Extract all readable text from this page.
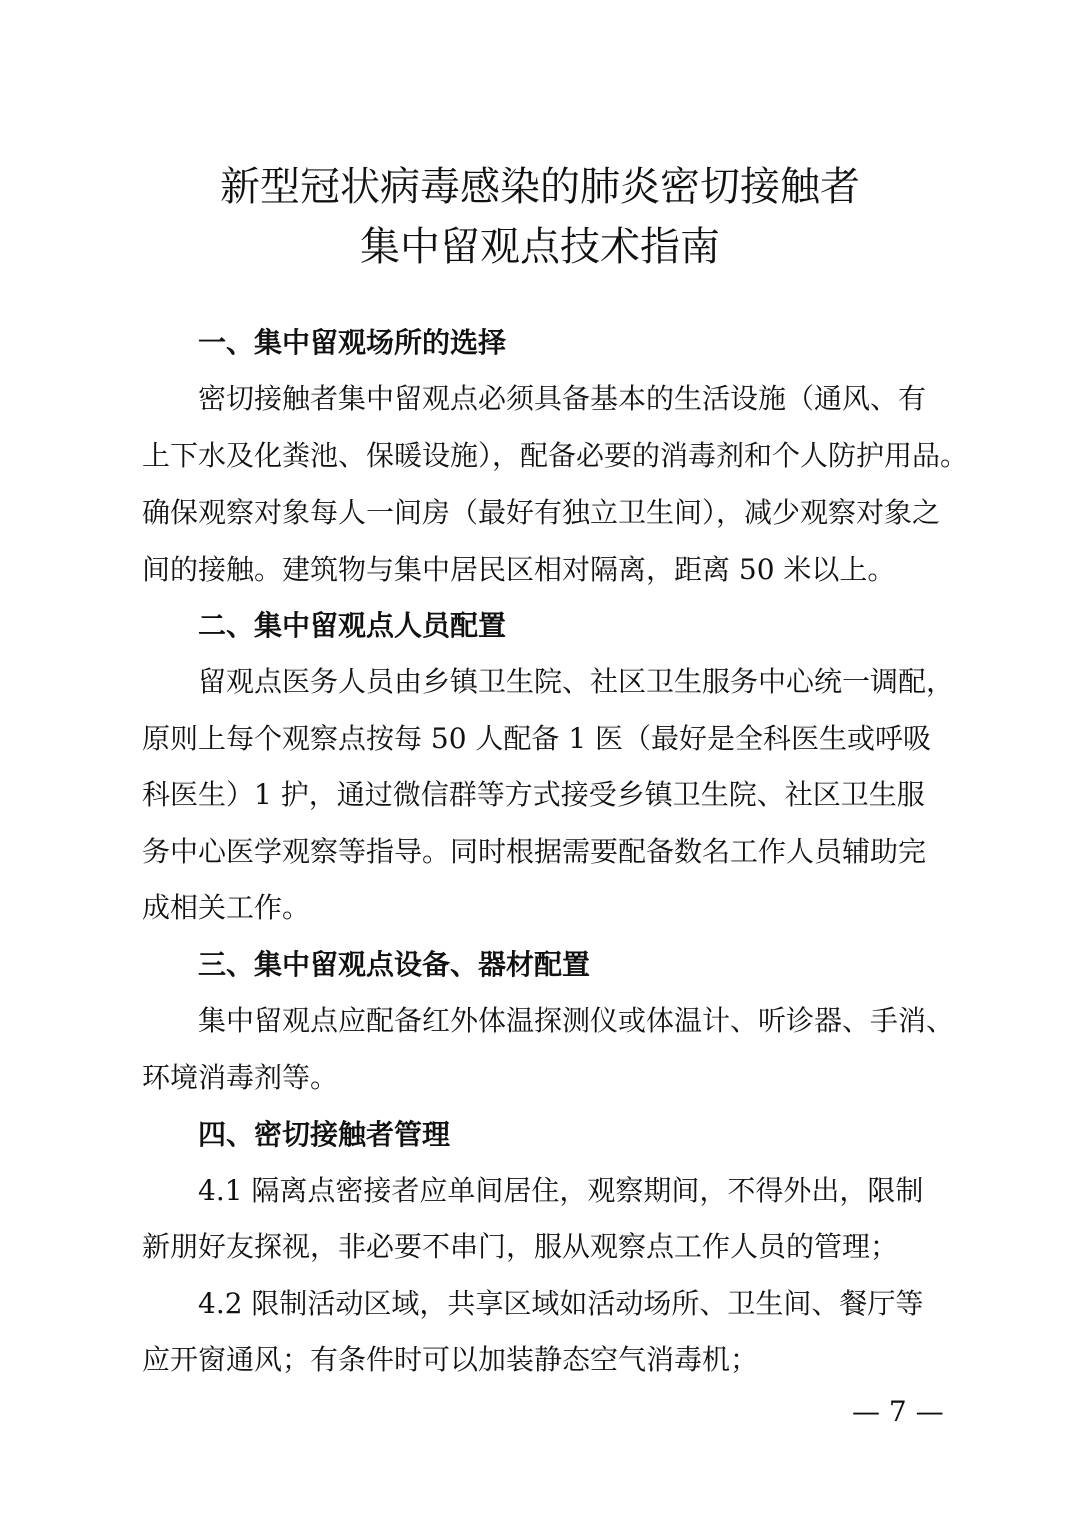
新型冠状病毒感染的肺炎密切接触者
集中留观点技术指南
一、集中留观场所的选择
密切接触者集中留观点必须具备基本的生活设施（通风、有
上下水及化粪池、保暖设施），配备必要的消毒剂和个人防护用品。
确保观察对象每人一间房（最好有独立卫生间），减少观察对象之
间的接触。建筑物与集中居民区相对隔离，距离 50 米以上。
二、集中留观点人员配置
留观点医务人员由乡镇卫生院、社区卫生服务中心统一调配，
原则上每个观察点按每 50 人配备 1 医（最好是全科医生或呼吸
科医生）1 护，通过微信群等方式接受乡镇卫生院、社区卫生服
务中心医学观察等指导。同时根据需要配备数名工作人员辅助完
成相关工作。
三、集中留观点设备、器材配置
集中留观点应配备红外体温探测仪或体温计、听诊器、手消、
环境消毒剂等。
四、密切接触者管理
4.1 隔离点密接者应单间居住，观察期间，不得外出，限制
新朋好友探视，非必要不串门，服从观察点工作人员的管理；
4.2 限制活动区域，共享区域如活动场所、卫生间、餐厅等
应开窗通风；有条件时可以加装静态空气消毒机；
— 7 —
